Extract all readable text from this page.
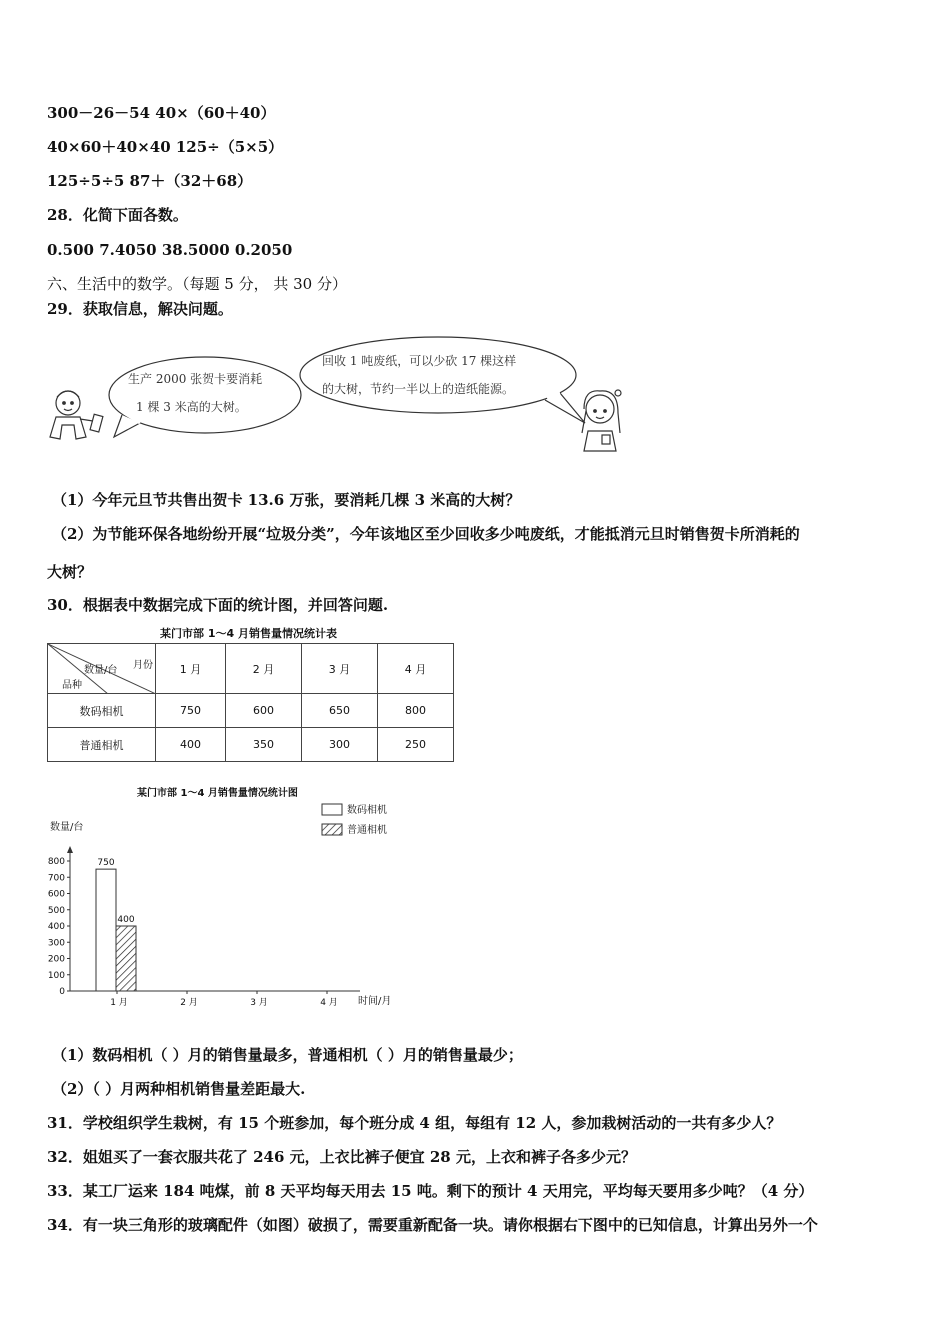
300－26－54 40×（60＋40）
40×60＋40×40 125÷（5×5）
125÷5÷5 87＋（32＋68）
28．化简下面各数。
0.500 7.4050 38.5000 0.2050
六、生活中的数学。（每题 5 分， 共 30 分）
29．获取信息，解决问题。
生产 2000 张贺卡要消耗
1 棵 3 米高的大树。
回收 1 吨废纸，可以少砍 17 棵这样
的大树，节约一半以上的造纸能源。
（1）今年元旦节共售出贺卡 13.6 万张，要消耗几棵 3 米高的大树？
（2）为节能环保各地纷纷开展“垃圾分类”，今年该地区至少回收多少吨废纸，才能抵消元旦时销售贺卡所消耗的
大树？
30．根据表中数据完成下面的统计图，并回答问题.
某门市部 1～4 月销售量情况统计表
月份
数量/台
品种	1 月	2 月	3 月	4 月
数码相机	750	600	650	800
普通相机	400	350	300	250
某门市部 1～4 月销售量情况统计图
数码相机
普通相机
数量/台
时间/月
0
100
200
300
400
500
600
700
800
1 月	2 月	3 月	4 月
750
400
（1）数码相机（ ）月的销售量最多，普通相机（ ）月的销售量最少；
（2）（ ）月两种相机销售量差距最大.
31．学校组织学生栽树，有 15 个班参加，每个班分成 4 组，每组有 12 人，参加栽树活动的一共有多少人？
32．姐姐买了一套衣服共花了 246 元，上衣比裤子便宜 28 元，上衣和裤子各多少元？
33．某工厂运来 184 吨煤，前 8 天平均每天用去 15 吨。剩下的预计 4 天用完，平均每天要用多少吨？（4 分）
34．有一块三角形的玻璃配件（如图）破损了，需要重新配备一块。请你根据右下图中的已知信息，计算出另外一个
